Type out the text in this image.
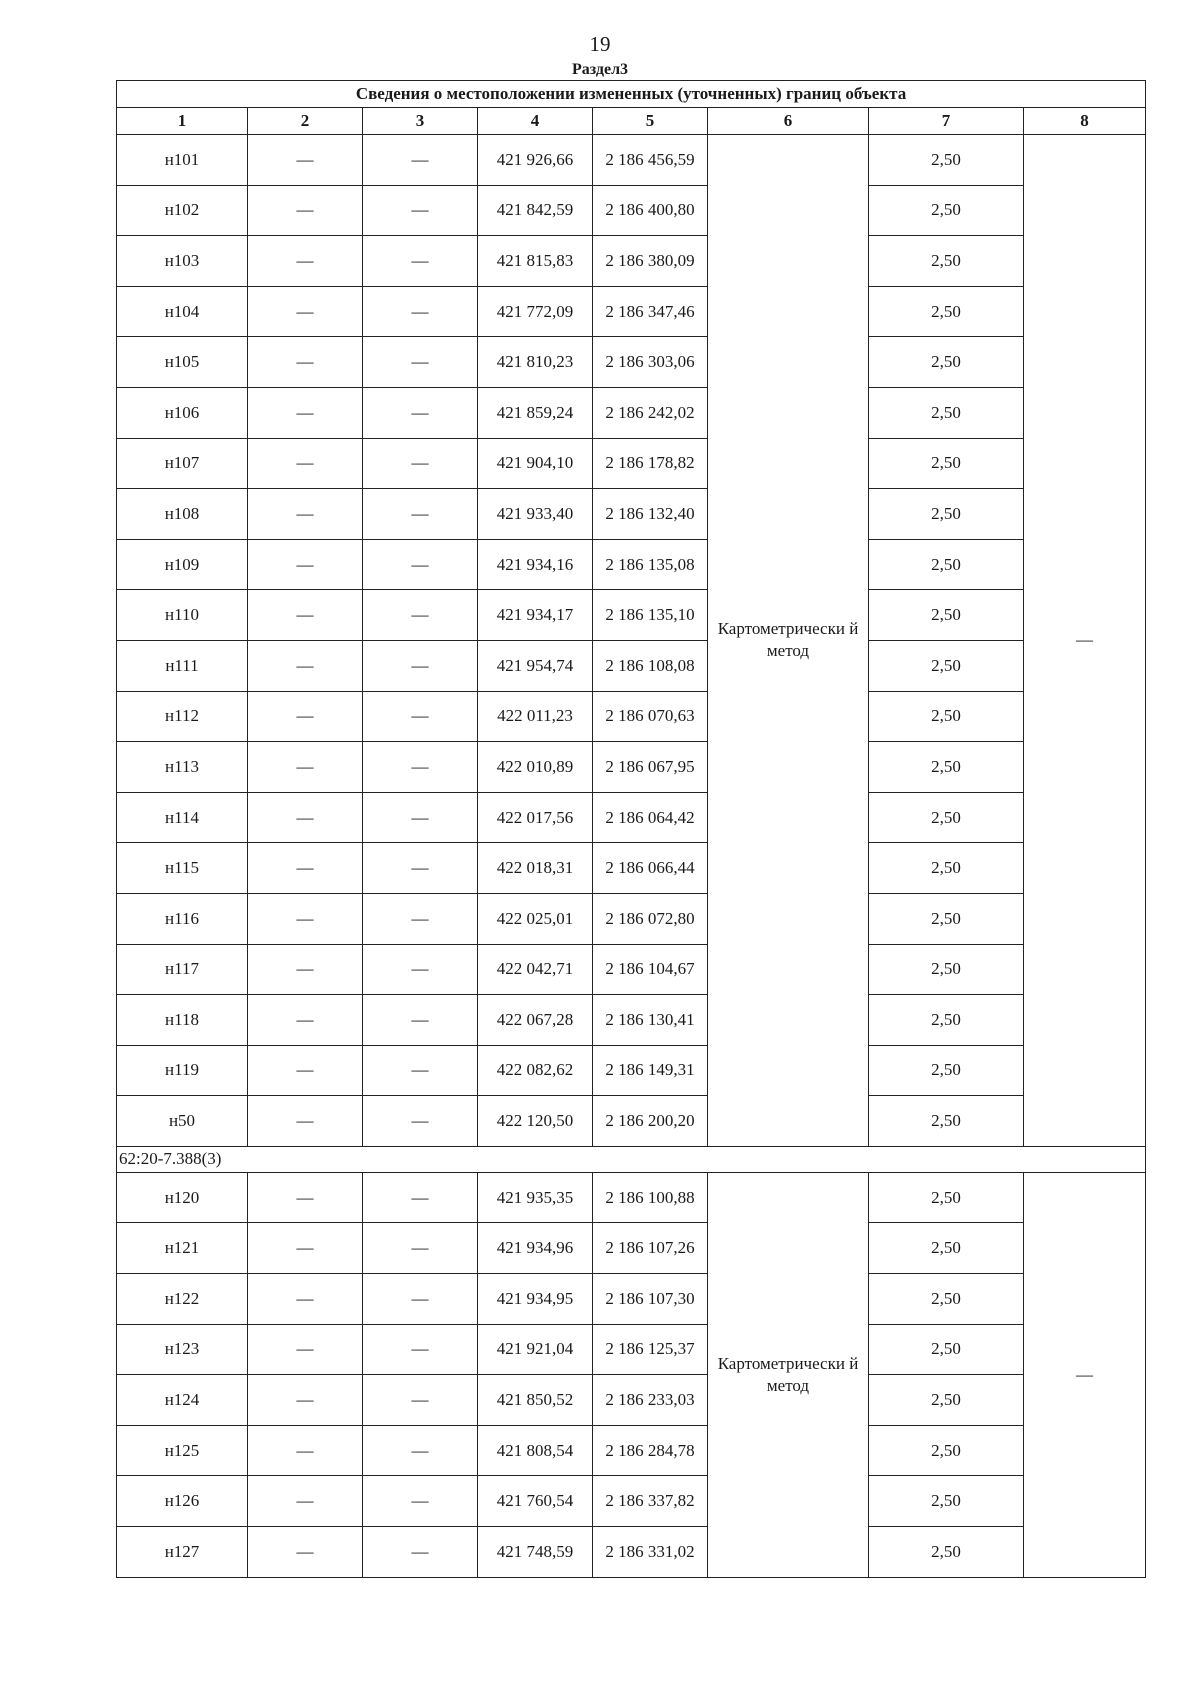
19
Раздел3
Сведения о местоположении измененных (уточненных) границ объекта							
1	2	3	4	5	6	7	8
н101	—	—	421 926,66	2 186 456,59	Картометрически й метод	2,50	—
н102	—	—	421 842,59	2 186 400,80		2,50	
н103	—	—	421 815,83	2 186 380,09		2,50	
н104	—	—	421 772,09	2 186 347,46		2,50	
н105	—	—	421 810,23	2 186 303,06		2,50	
н106	—	—	421 859,24	2 186 242,02		2,50	
н107	—	—	421 904,10	2 186 178,82		2,50	
н108	—	—	421 933,40	2 186 132,40		2,50	
н109	—	—	421 934,16	2 186 135,08		2,50	
н110	—	—	421 934,17	2 186 135,10		2,50	
н111	—	—	421 954,74	2 186 108,08		2,50	
н112	—	—	422 011,23	2 186 070,63		2,50	
н113	—	—	422 010,89	2 186 067,95		2,50	
н114	—	—	422 017,56	2 186 064,42		2,50	
н115	—	—	422 018,31	2 186 066,44		2,50	
н116	—	—	422 025,01	2 186 072,80		2,50	
н117	—	—	422 042,71	2 186 104,67		2,50	
н118	—	—	422 067,28	2 186 130,41		2,50	
н119	—	—	422 082,62	2 186 149,31		2,50	
н50	—	—	422 120,50	2 186 200,20		2,50	
62:20-7.388(3)							
н120	—	—	421 935,35	2 186 100,88	Картометрически й метод	2,50	—
н121	—	—	421 934,96	2 186 107,26		2,50	
н122	—	—	421 934,95	2 186 107,30		2,50	
н123	—	—	421 921,04	2 186 125,37		2,50	
н124	—	—	421 850,52	2 186 233,03		2,50	
н125	—	—	421 808,54	2 186 284,78		2,50	
н126	—	—	421 760,54	2 186 337,82		2,50	
н127	—	—	421 748,59	2 186 331,02		2,50	
